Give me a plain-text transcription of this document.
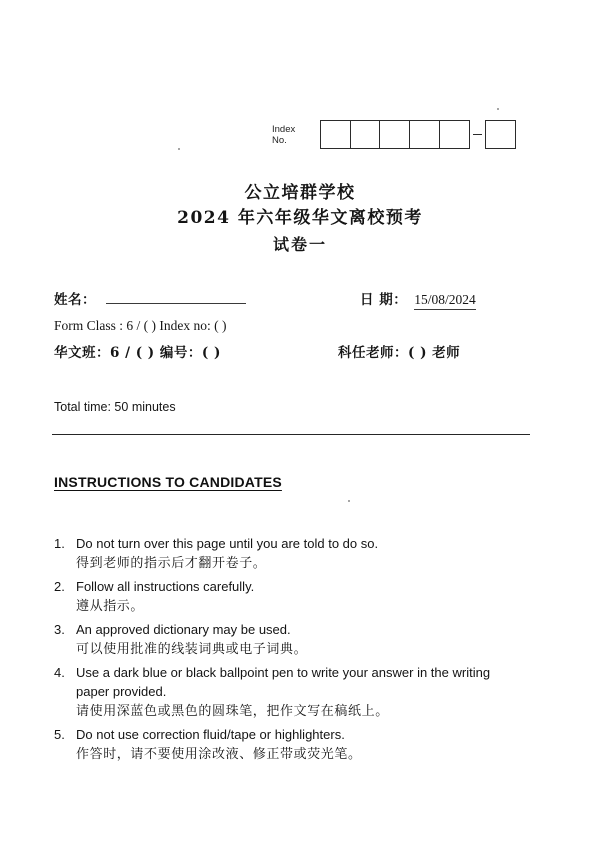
Index
No.
公立培群学校
2024 年六年级华文离校预考
试卷一
姓名：	日 期： 15/08/2024
Form Class : 6 / ( ) Index no: ( )
华文班：6 / ( ) 编号：( )	科任老师：( ) 老师
Total time: 50 minutes
INSTRUCTIONS TO CANDIDATES
1. Do not turn over this page until you are told to do so.
得到老师的指示后才翻开卷子。
2. Follow all instructions carefully.
遵从指示。
3. An approved dictionary may be used.
可以使用批准的线装词典或电子词典。
4. Use a dark blue or black ballpoint pen to write your answer in the writing paper provided.
请使用深蓝色或黑色的圆珠笔，把作文写在稿纸上。
5. Do not use correction fluid/tape or highlighters.
作答时，请不要使用涂改液、修正带或荧光笔。
